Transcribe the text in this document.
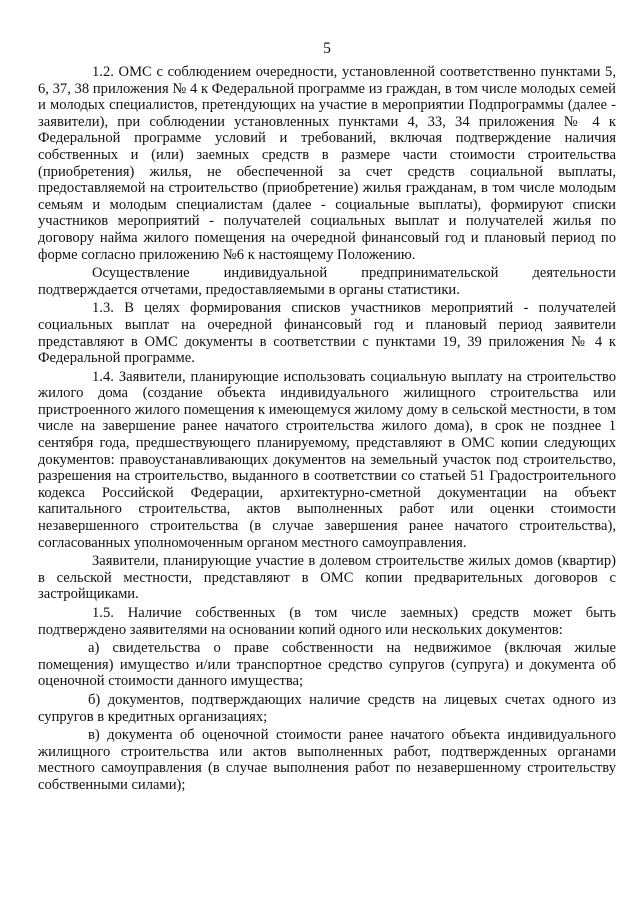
5

1.2. ОМС с соблюдением очередности, установленной соответственно пунктами 5, 6, 37, 38 приложения № 4 к Федеральной программе из граждан, в том числе молодых семей и молодых специалистов, претендующих на участие в мероприятии Подпрограммы (далее - заявители), при соблюдении установленных пунктами 4, 33, 34 приложения № 4 к Федеральной программе условий и требований, включая подтверждение наличия собственных и (или) заемных средств в размере части стоимости строительства (приобретения) жилья, не обеспеченной за счет средств социальной выплаты, предоставляемой на строительство (приобретение) жилья гражданам, в том числе молодым семьям и молодым специалистам (далее - социальные выплаты), формируют списки участников мероприятий - получателей социальных выплат и получателей жилья по договору найма жилого помещения на очередной финансовый год и плановый период по форме согласно приложению №6 к настоящему Положению.

Осуществление индивидуальной предпринимательской деятельности подтверждается отчетами, предоставляемыми в органы статистики.

1.3. В целях формирования списков участников мероприятий - получателей социальных выплат на очередной финансовый год и плановый период заявители представляют в ОМС документы в соответствии с пунктами 19, 39 приложения № 4 к Федеральной программе.

1.4. Заявители, планирующие использовать социальную выплату на строительство жилого дома (создание объекта индивидуального жилищного строительства или пристроенного жилого помещения к имеющемуся жилому дому в сельской местности, в том числе на завершение ранее начатого строительства жилого дома), в срок не позднее 1 сентября года, предшествующего планируемому, представляют в ОМС копии следующих документов: правоустанавливающих документов на земельный участок под строительство, разрешения на строительство, выданного в соответствии со статьей 51 Градостроительного кодекса Российской Федерации, архитектурно-сметной документации на объект капитального строительства, актов выполненных работ или оценки стоимости незавершенного строительства (в случае завершения ранее начатого строительства), согласованных уполномоченным органом местного самоуправления.

Заявители, планирующие участие в долевом строительстве жилых домов (квартир) в сельской местности, представляют в ОМС копии предварительных договоров с застройщиками.

1.5. Наличие собственных (в том числе заемных) средств может быть подтверждено заявителями на основании копий одного или нескольких документов:

а) свидетельства о праве собственности на недвижимое (включая жилые помещения) имущество и/или транспортное средство супругов (супруга) и документа об оценочной стоимости данного имущества;

б) документов, подтверждающих наличие средств на лицевых счетах одного из супругов в кредитных организациях;

в) документа об оценочной стоимости ранее начатого объекта индивидуального жилищного строительства или актов выполненных работ, подтвержденных органами местного самоуправления (в случае выполнения работ по незавершенному строительству собственными силами);
